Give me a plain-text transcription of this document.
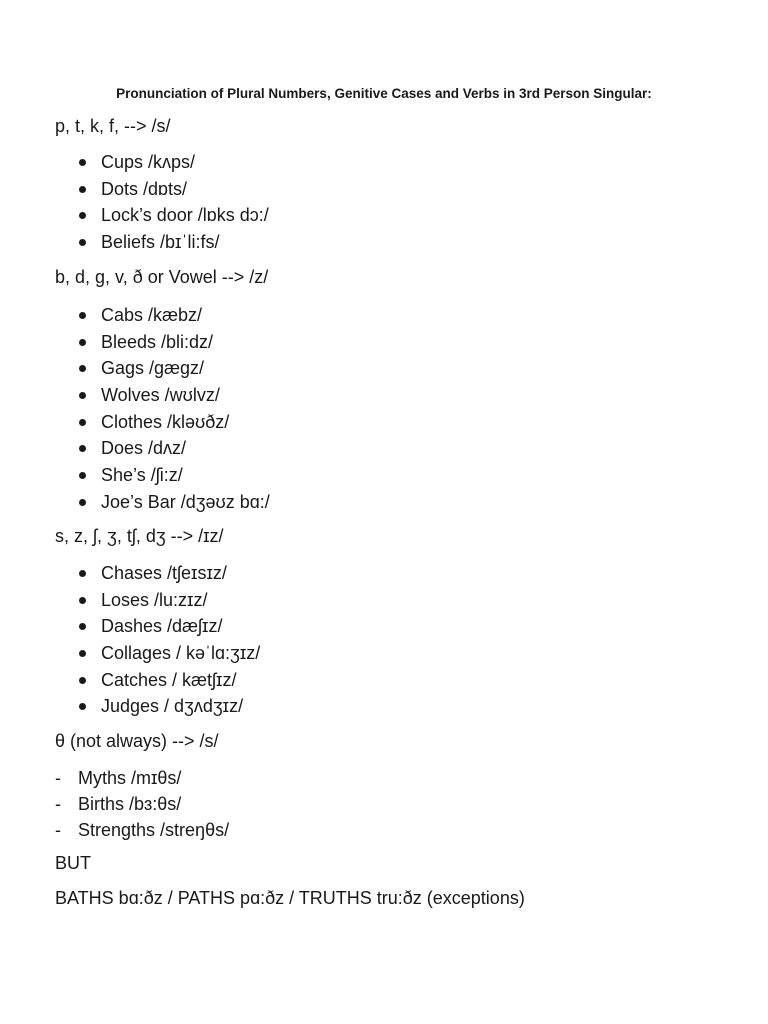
Pronunciation of Plural Numbers, Genitive Cases and Verbs in 3rd Person Singular:
p, t, k, f, --> /s/
Cups /kʌps/
Dots /dɒts/
Lock’s door /lɒks dɔ:/
Beliefs /bɪˈli:fs/
b, d, g, v, ð or Vowel --> /z/
Cabs /kæbz/
Bleeds /bli:dz/
Gags /gægz/
Wolves /wʊlvz/
Clothes /kləʊðz/
Does /dʌz/
She’s /ʃi:z/
Joe’s Bar /dʒəʊz bɑ:/
s, z, ʃ, ʒ, tʃ, dʒ --> /ɪz/
Chases /tʃeɪsɪz/
Loses /lu:zɪz/
Dashes /dæʃɪz/
Collages / kəˈlɑ:ʒɪz/
Catches / kætʃɪz/
Judges / dʒʌdʒɪz/
θ (not always) --> /s/
- Myths /mɪθs/
- Births /bɜ:θs/
- Strengths /streŋθs/
BUT
BATHS bɑ:ðz / PATHS pɑ:ðz / TRUTHS tru:ðz (exceptions)
